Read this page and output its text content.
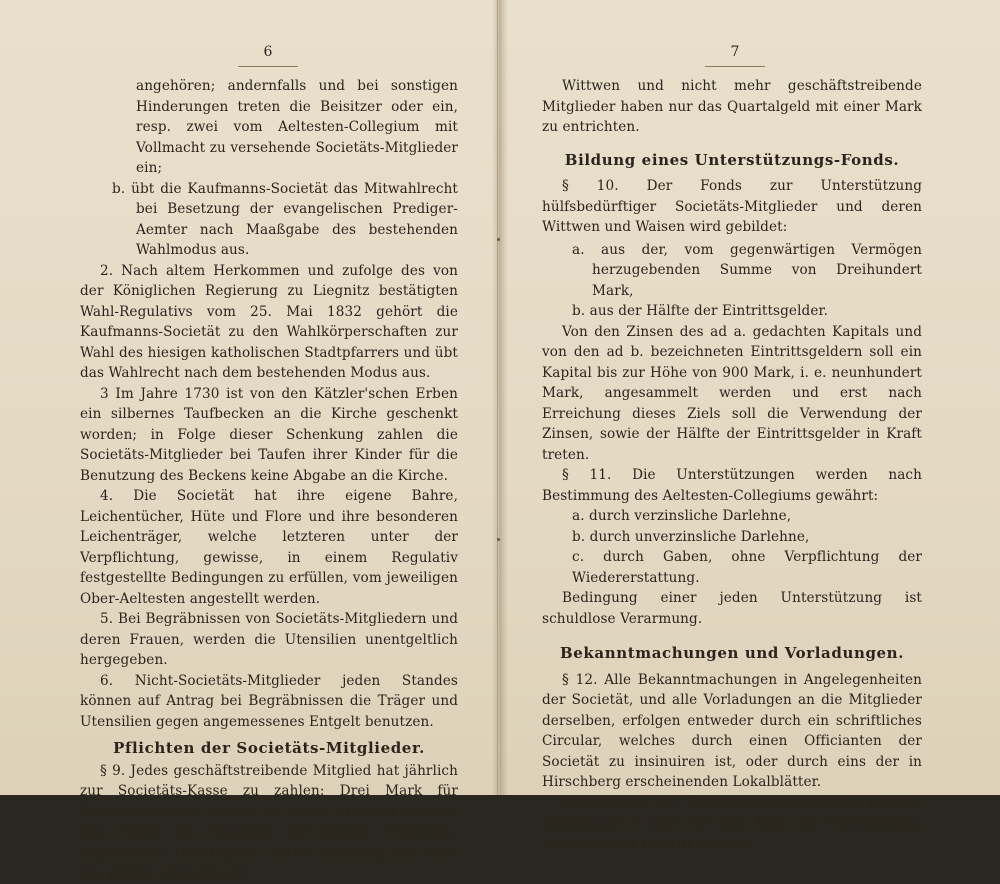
6

angehören; andernfalls und bei sonstigen Hinderungen treten die Beisitzer oder ein, resp. zwei vom Aeltesten-Collegium mit Vollmacht zu versehende Societäts-Mitglieder ein;

b. übt die Kaufmanns-Societät das Mitwahlrecht bei Besetzung der evangelischen Prediger-Aemter nach Maaßgabe des bestehenden Wahlmodus aus.

2. Nach altem Herkommen und zufolge des von der Königlichen Regierung zu Liegnitz bestätigten Wahl-Regulativs vom 25. Mai 1832 gehört die Kaufmanns-Societät zu den Wahlkörperschaften zur Wahl des hiesigen katholischen Stadtpfarrers und übt das Wahlrecht nach dem bestehenden Modus aus.

3 Im Jahre 1730 ist von den Kätzler'schen Erben ein silbernes Taufbecken an die Kirche geschenkt worden; in Folge dieser Schenkung zahlen die Societäts-Mitglieder bei Taufen ihrer Kinder für die Benutzung des Beckens keine Abgabe an die Kirche.

4. Die Societät hat ihre eigene Bahre, Leichentücher, Hüte und Flore und ihre besonderen Leichenträger, welche letzteren unter der Verpflichtung, gewisse, in einem Regulativ festgestellte Bedingungen zu erfüllen, vom jeweiligen Ober-Aeltesten angestellt werden.

5. Bei Begräbnissen von Societäts-Mitgliedern und deren Frauen, werden die Utensilien unentgeltlich hergegeben.

6. Nicht-Societäts-Mitglieder jeden Standes können auf Antrag bei Begräbnissen die Träger und Utensilien gegen angemessenes Entgelt benutzen.

Pflichten der Societäts-Mitglieder.

§ 9. Jedes geschäftstreibende Mitglied hat jährlich zur Societäts-Kasse zu zahlen: Drei Mark für Societätszwecke, welche im Januar erhoben werden, eine Mark zur Deckung der kleinen Unkosten, sogenanntes Quartalgeld, deren Erhebung am Ende des Jahres erfolgen soll.

7

Wittwen und nicht mehr geschäftstreibende Mitglieder haben nur das Quartalgeld mit einer Mark zu entrichten.

Bildung eines Unterstützungs-Fonds.

§ 10. Der Fonds zur Unterstützung hülfsbedürftiger Societäts-Mitglieder und deren Wittwen und Waisen wird gebildet:

a. aus der, vom gegenwärtigen Vermögen herzugebenden Summe von Dreihundert Mark,

b. aus der Hälfte der Eintrittsgelder.

Von den Zinsen des ad a. gedachten Kapitals und von den ad b. bezeichneten Eintrittsgeldern soll ein Kapital bis zur Höhe von 900 Mark, i. e. neunhundert Mark, angesammelt werden und erst nach Erreichung dieses Ziels soll die Verwendung der Zinsen, sowie der Hälfte der Eintrittsgelder in Kraft treten.

§ 11. Die Unterstützungen werden nach Bestimmung des Aeltesten-Collegiums gewährt:

a. durch verzinsliche Darlehne,

b. durch unverzinsliche Darlehne,

c. durch Gaben, ohne Verpflichtung der Wiedererstattung.

Bedingung einer jeden Unterstützung ist schuldlose Verarmung.

Bekanntmachungen und Vorladungen.

§ 12. Alle Bekanntmachungen in Angelegenheiten der Societät, und alle Vorladungen an die Mitglieder derselben, erfolgen entweder durch ein schriftliches Circular, welches durch einen Officianten der Societät zu insinuiren ist, oder durch eins der in Hirschberg erscheinenden Lokalblätter.

Einladungen zu General-Versammlungen müssen mindestens 8 Tage vor dem Tage der Versammlung insinuirt oder inserirt werden.
